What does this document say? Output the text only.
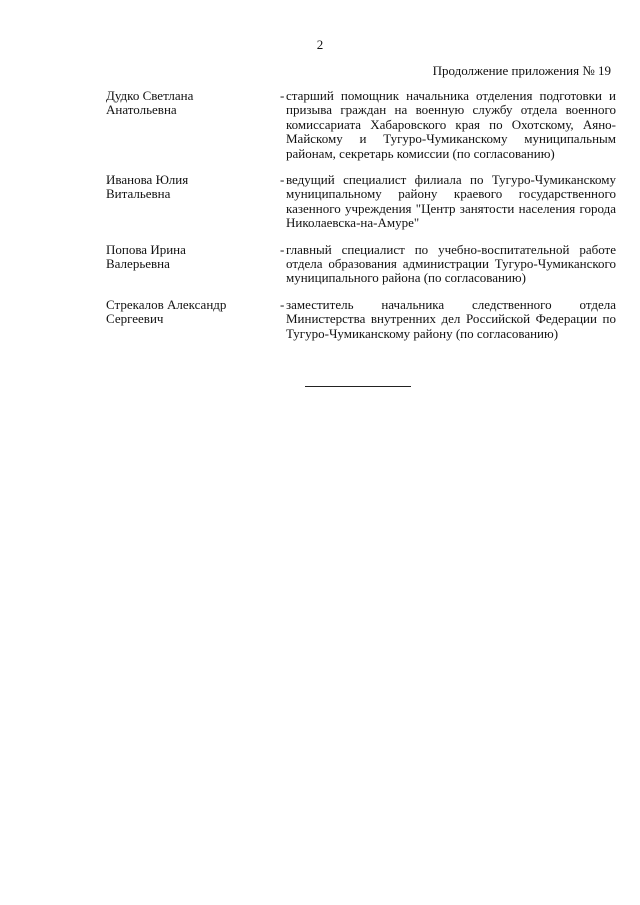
2
Продолжение приложения № 19
Дудко Светлана
Анатольевна
- старший помощник начальника отделения подготовки и призыва граждан на военную службу отдела военного комиссариата Хабаровского края по Охотскому, Аяно-Майскому и Тугуро-Чумиканскому муниципальным районам, секретарь комиссии (по согласованию)
Иванова Юлия
Витальевна
- ведущий специалист филиала по Тугуро-Чумиканскому муниципальному району краевого государственного казенного учреждения "Центр занятости населения города Николаевска-на-Амуре"
Попова Ирина
Валерьевна
- главный специалист по учебно-воспитательной работе отдела образования администрации Тугуро-Чумиканского муниципального района (по согласованию)
Стрекалов Александр
Сергеевич
- заместитель начальника следственного отдела Министерства внутренних дел Российской Федерации по Тугуро-Чумиканскому району (по согласованию)
